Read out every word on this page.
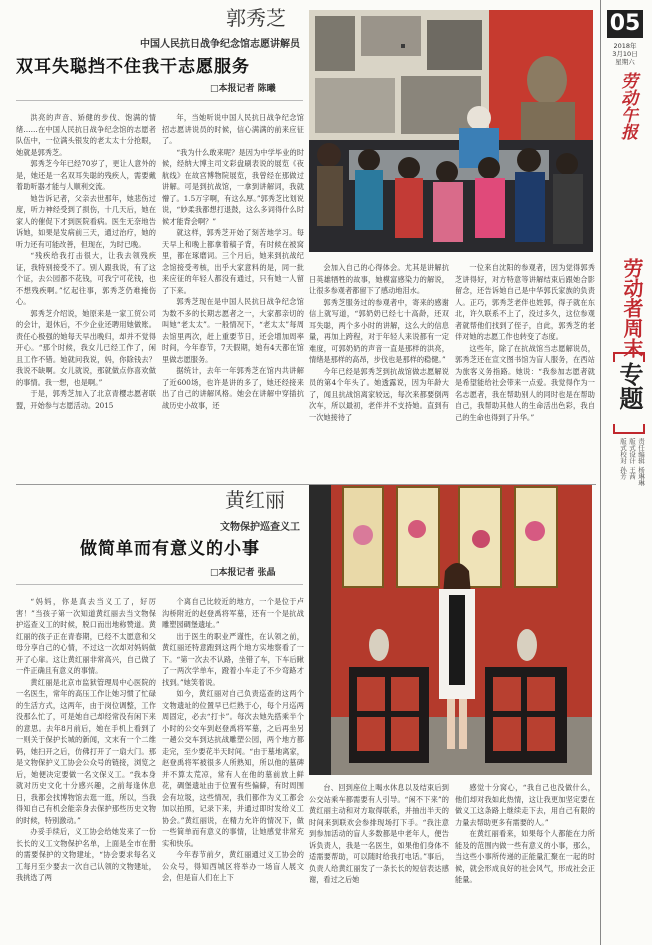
05
2018年
3月10日
星期六
劳动午报
劳动者周末
专题
责任编辑 杨琳琳
版式设计 王茜
版式校对 孙芳
郭秀芝
中国人民抗日战争纪念馆志愿讲解员
双耳失聪挡不住我干志愿服务
□本报记者 陈曦

洪亮的声音、矫健的步伐、饱满的情绪……在中国人民抗日战争纪念馆的志愿者队伍中，一位满头银发的老太太十分抢眼，她就是郭秀芝。

郭秀芝今年已经70岁了，更让人意外的是，她还是一名双耳失聪的残疾人，需要戴着助听器才能与人顺利交流。

她告诉记者，父亲去世那年，她悲伤过度，听力神经受到了损伤，十几天后，她在家人的催促下才到医院看病。医生无奈地告诉她，如果是发病前三天，通过治疗，她的听力还有可能改善，但现在，为时已晚。

“残疾给我打击很大，让我去领残疾证，我特别接受不了。别人跟我说，有了这个证，去公园都不花钱，可我宁可花钱，也不想残疾啊。”忆起往事，郭秀芝仍难掩伤心。

郭秀芝介绍说，她原来是一家工贸公司的会计，退休后，不少企业还聘用她做账。责任心极强的她每天早出晚归，却并不觉得开心。“那个时候，我女儿已经工作了，闲且工作不错。她就问我说，妈，你除钱去？我说不缺啊。女儿就说，那就做点你喜欢做的事情。我一想，也是啊。”

于是，郭秀芝加入了北京青樱志愿者联盟，开始参与志愿活动。2015

年，当她听说中国人民抗日战争纪念馆招志愿讲说员的时候，信心满满的前来应征了。

“我为什么敢来呢？是因为中学毕业的时候，经纳大博主司文彩盘刷表说的展览《夜航线》在故宫博物院展览，我曾经在那做过讲解。可是到抗战馆，一拿到讲解词，我就懵了。1.5万字啊，有这么厚。”郭秀芝比划说说，“妙柔我都想打退鼓，这么多词得什么时候才能背会啊？”

就这样，郭秀芝开始了刻苦地学习。每天早上和晚上都拿着稿子背，有时候在被窝里，都在琢磨词。三个月后，她来到抗战纪念馆接受考核，出乎大家意料的是，同一批来应征的年轻人都没有通过，只有她一人留了下来。

郭秀芝现在是中国人民抗日战争纪念馆为数不多的长期志愿者之一，大家都亲切的叫她“老太太”。一般情况下，“老太太”每周去馆里两次，赶上重要节日，还会增加周率时间，今年春节，7天假期，她有4天都在馆里做志愿服务。

据统计，去年一年郭秀芝在馆内共讲解了近600场，也许是讲的多了，她还经接来出了自己的讲解风格。她会在讲解中穿插抗战历史小故事，还

会加入自己的心得体会。尤其是讲解抗日英雄牺牲的故事，她模富感染力的解说，让很多参观者都留下了感动地泪水。

郭秀芝服务过的参观者中，寄来的感谢信上就写道，“郭奶奶已经七十高龄，还双耳失聪，两个多小时的讲解，这么大的信息量，再加上跨程，对于年轻人来说都有一定难度，可郭奶奶的声音一直是那样的洪亮，情绪是那样的高昂，步伐也是那样的稳健。”

今年已经是郭秀芝到抗战馆做志愿解说员的第4个年头了。她透露说，因为年龄大了，闻且抗战馆离家较远，每次来都要倒两次车，所以最初，老伴并不支持她。直到有一次她接待了

一位来自沈阳的参观者，因为觉得郭秀芝讲得好，对方特意等讲解结束后跟她合影留念，还告诉她自己是中华郭氏家族的负责人。正巧，郭秀芝老伴也姓郭，得子就在东北，许久联系不上了，没过多久，这位参观者就帮他们找到了侄子，自此，郭秀芝的老伴对她的志愿工作也转变了态度。

这些年，除了在抗战馆当志愿解说员，郭秀芝还在宣文图书馆为盲人服务，在西站为旅客义务指路。她说：“我参加志愿者就是希望能给社会带来一点爱。我觉得作为一名志愿者，我在帮助别人的同时也是在帮助自己，我帮助其他人的生命活出色彩，我自己的生命也得到了升华。”

黄红丽
文物保护巡查义工
做简单而有意义的小事
□本报记者 张晶

“妈妈，你是真去当义工了，好厉害！”当孩子第一次知道黄红丽去当文物保护巡查义工的时候，脱口而出地称赞道。黄红丽的孩子正在青春期，已经不太愿意和父母分享自己的心情，不过这一次却对妈妈做开了心扉。这让黄红丽非常高兴，自己做了一件正确且有意义的事情。

黄红丽是北京市监狱管理局中心医院的一名医生，常年的高压工作让她习惯了忙碌的生活方式，这两年，由于岗位调整，工作没那么忙了，可是她自己却经常没有闲下来的意思。去年8月前后，她在手机上看到了一则关于保护长城的新闻，文末有一个二维码，她扫开之后，仿佛打开了一扇大门。那是文物保护义工协会公众号的链接，浏览之后，她便决定要做一名文保义工。“我本身就对历史文化十分感兴趣，之前每逢休息日，我都会找博物馆去逛一逛，所以，当我得知自己有机会能亲身去保护那些历史文物的时候，特别激动。”

办妥手续后，义工协会给她发来了一份长长的义工文物保护名单，上面是全市在册的需要保护的文物建址，“协会要求每名义工每月至少要去一次自己认领的文物建址，我挑选了两

个离自己比较近的地方，一个是位于卢沟桥附近的赵登禹将军墓，还有一个是抗战雕塑园碉堡遗址。”

出于医生的职业严谨性，在认领之前，黄红丽还特意跑到这两个地方实地察看了一下。“第一次去不认路，坐错了车，下车后瞅了一两次学单车，蹬着小车走了不少弯路才找到。”她笑着说。

如今，黄红丽对自己负责巡查的这两个文物遗址的位置早已烂熟于心，每个月巡两周固定，必去“打卡”。每次去她先搭乘半个小时的公交车到赵登禹将军墓，之后再坐另一趟公交车到达抗战雕塑公园，两个地方都走完，至少要花半天时间。“由于墓地离家，赵登禹将军被很多人所熟知，所以他的墓碑并不算太荒凉，常有人在他的墓前放上鲜花，碉堡遗址由于位置有些偏僻，有时周围会有垃圾，这些情况，我们都作为义工都会加以拍照，记录下来，并通过即时发给义工协会。”黄红丽说，在精力允许的情况下，做一些简单而有意义的事情，让她感觉非常充实和快乐。

今年春节前夕，黄红丽通过义工协会的公众号，得知西城区将举办一场盲人展文会，但是盲人们在上下

台、回到座位上喝水休息以及结束后到公交站乘车都需要有人引导。“闲不下来”的黄红丽主动和对方取得联系，并抽出半天的时间来到联欢会参排现场打下手。“我注意到参加活动的盲人多数都是中老年人，便告诉负责人，我是一名医生，如果他们身体不适需要帮助，可以随时给我打电话。”事后，负责人给黄红丽发了一条长长的短信表达感谢，看过之后她

感觉十分窝心，“我自己也没做什么，他们却对我如此热情，这让我更加坚定要在做义工这条路上继续走下去，用自己有限的力量去帮助更多有需要的人。”

在黄红丽看来，如果每个人都能在力所能及的范围内做一些有意义的小事，那么，当这些小事所传递的正能量汇聚在一起的时候，就会形成良好的社会风气，形成社会正能量。
